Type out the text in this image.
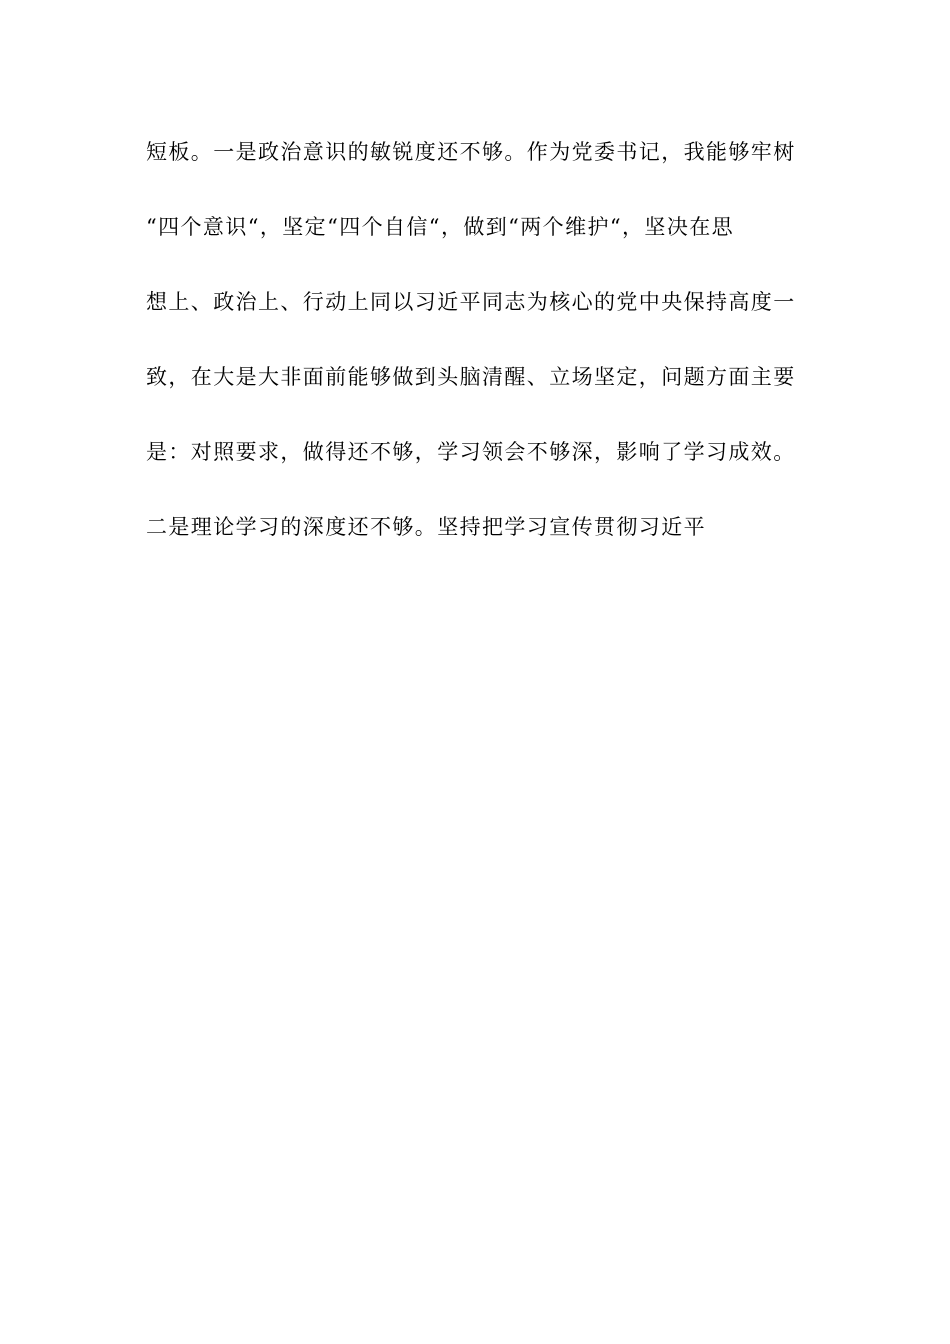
短板。一是政治意识的敏锐度还不够。作为党委书记，我能够牢树
“四个意识“，坚定“四个自信“，做到“两个维护“，坚决在思
想上、政治上、行动上同以习近平同志为核心的党中央保持高度一
致，在大是大非面前能够做到头脑清醒、立场坚定，问题方面主要
是：对照要求，做得还不够，学习领会不够深，影响了学习成效。
二是理论学习的深度还不够。坚持把学习宣传贯彻习近平
